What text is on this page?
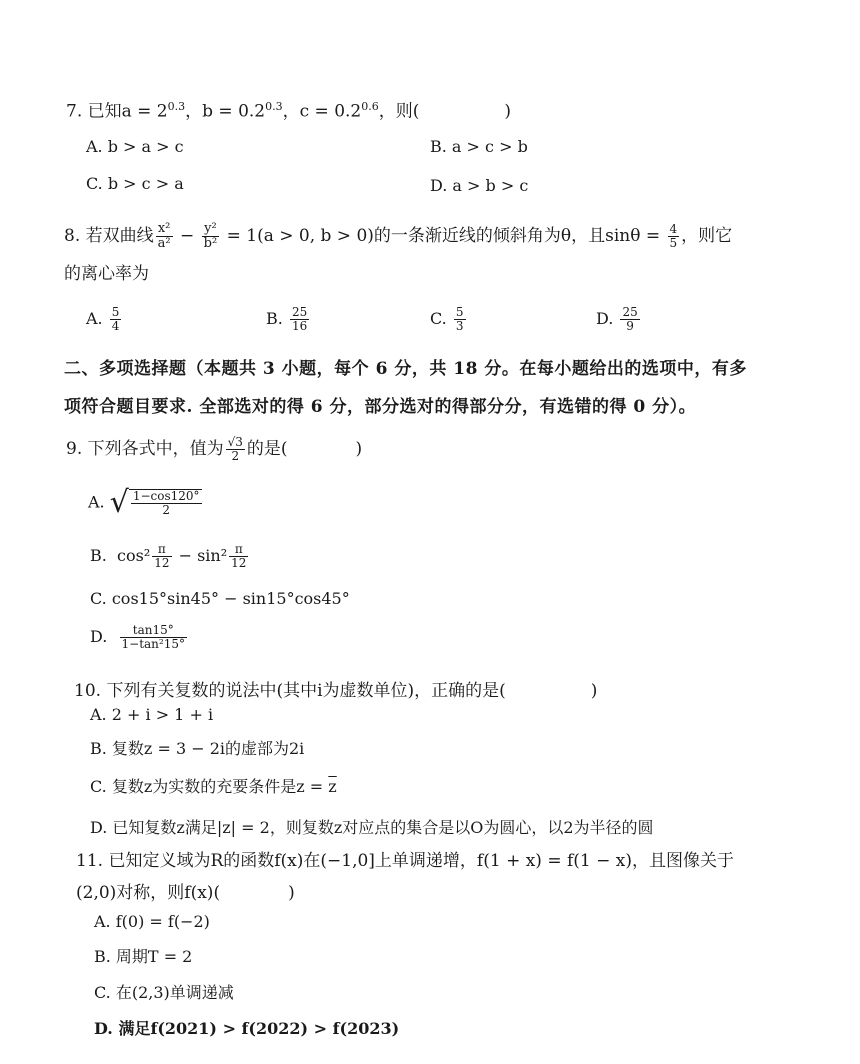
7. 已知$a = 2^{0.3}$，$b = 0.2^{0.3}$，$c = 0.2^{0.6}$，则(　　　　　)
A. b > a > c	B. a > c > b
C. b > c > a	D. a > b > c
8. 若双曲线 $\frac{\text{x²}}{\text{a²}} - \frac{\text{y²}}{\text{b²}} = 1(a > 0$, b > 0)的一条渐近线的倾斜角为θ，且$\sin\theta = \frac{4}{5}$ ，则它
的离心率为
A. $\frac{5}{4}$	B. $\frac{25}{16}$	C. $\frac{5}{3}$	D. $\frac{25}{9}$
二、多项选择题（本题共 3 小题，每个 6 分，共 18 分。在每小题给出的选项中，有多
项符合题目要求. 全部选对的得 6 分，部分选对的得部分分，有选错的得 0 分）。
9. 下列各式中，值为 $\frac{√3}{2}$ 的是(　　　　)
A. √ $\frac{1-\cos 120^\circ}{2}$
B. $\cos^2 \frac{\pi}{12} - \sin^2 \frac{\pi}{12}$
C. cos15°sin45° − sin15°cos45°
D. $\frac{\tan 15^\circ}{\text{1−tan²15°}}$
10. 下列有关复数的说法中(其中i为虚数单位)，正确的是(　　　　　)
A. 2 + i > 1 + i
B. 复数z = 3 − 2i的虚部为2i
C. 复数z为实数的充要条件是$z = \overline{z}$
D. 已知复数z满足|z| = 2，则复数z对应点的集合是以O为圆心，以2为半径的圆
11. 已知定义域为R的函数f(x)在(−1,0]上单调递增，f(1 + x) = f(1 − x)，且图像关于
(2,0)对称，则f(x)(　　　　)
A. f(0) = f(−2)
B. 周期T = 2
C. 在(2,3)单调递减
D. 满足f(2021) > f(2022) > f(2023)
